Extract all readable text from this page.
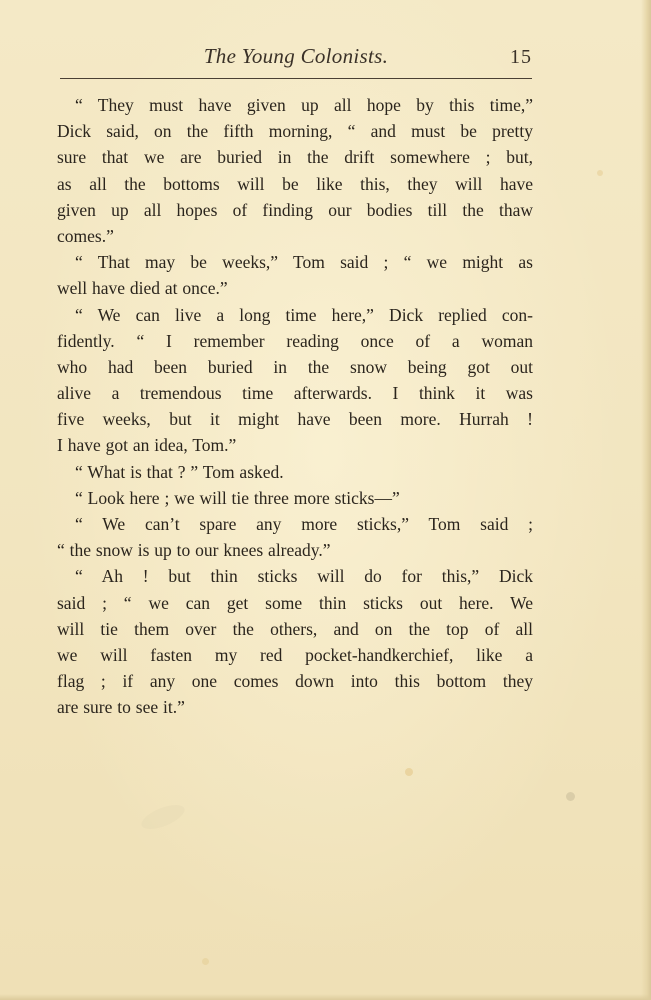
The Young Colonists.	15
“ They must have given up all hope by this time,”
Dick said, on the fifth morning, “ and must be pretty
sure that we are buried in the drift somewhere ; but,
as all the bottoms will be like this, they will have
given up all hopes of finding our bodies till the thaw
comes.”
“ That may be weeks,” Tom said ; “ we might as
well have died at once.”
“ We can live a long time here,” Dick replied con-
fidently. “ I remember reading once of a woman
who had been buried in the snow being got out
alive a tremendous time afterwards. I think it was
five weeks, but it might have been more. Hurrah !
I have got an idea, Tom.”
“ What is that ? ” Tom asked.
“ Look here ; we will tie three more sticks—”
“ We can’t spare any more sticks,” Tom said ;
“ the snow is up to our knees already.”
“ Ah ! but thin sticks will do for this,” Dick
said ; “ we can get some thin sticks out here. We
will tie them over the others, and on the top of all
we will fasten my red pocket-handkerchief, like a
flag ; if any one comes down into this bottom they
are sure to see it.”
